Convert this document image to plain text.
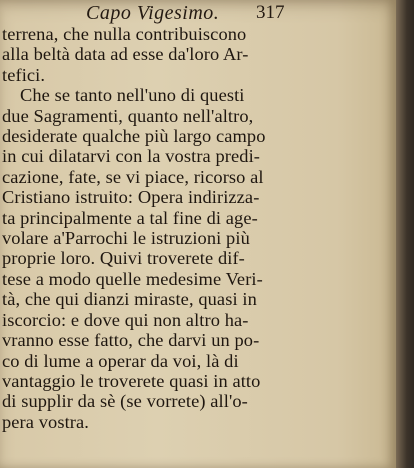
Capo Vigesimo. 317

terrena, che nulla contribuiscono

alla beltà data ad esse da'loro Ar-

tefici.

Che se tanto nell'uno di questi

due Sagramenti, quanto nell'altro,

desiderate qualche più largo campo

in cui dilatarvi con la vostra predi-

cazione, fate, se vi piace, ricorso al

Cristiano istruito: Opera indirizza-

ta principalmente a tal fine di age-

volare a'Parrochi le istruzioni più

proprie loro. Quivi troverete dif-

tese a modo quelle medesime Veri-

tà, che qui dianzi miraste, quasi in

iscorcio: e dove qui non altro ha-

vranno esse fatto, che darvi un po-

co di lume a operar da voi, là di

vantaggio le troverete quasi in atto

di supplir da sè (se vorrete) all'o-

pera vostra.
